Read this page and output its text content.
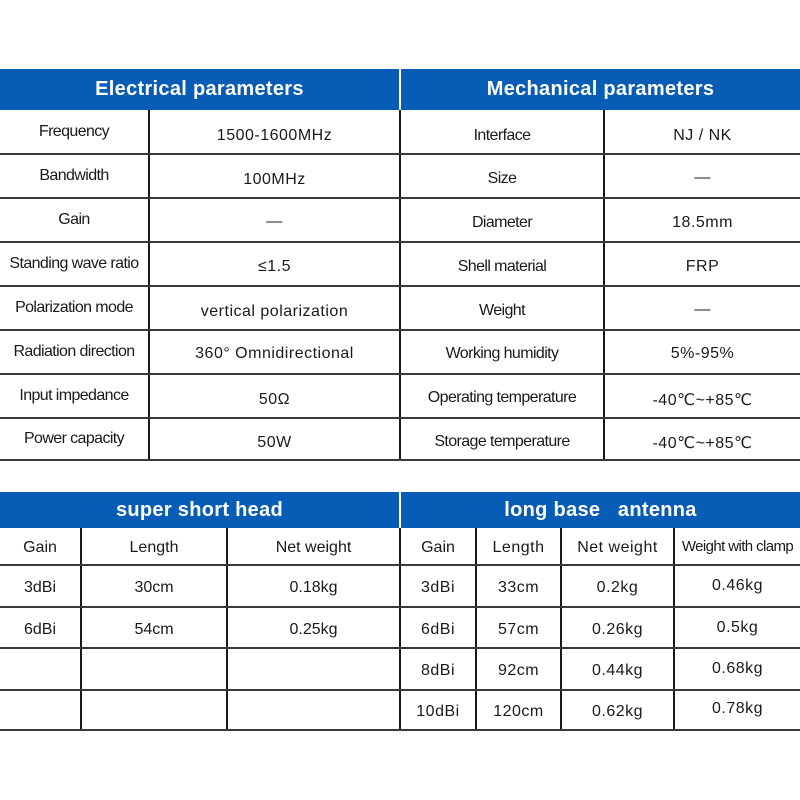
Electrical parameters	Mechanical parameters
Frequency	1500-1600MHz
Bandwidth	100MHz
Gain	—
Standing wave ratio	≤1.5
Polarization mode	vertical polarization
Radiation direction	360° Omnidirectional
Input impedance	50Ω
Power capacity	50W
Interface	NJ / NK
Size	—
Diameter	18.5mm
Shell material	FRP
Weight	—
Working humidity	5%-95%
Operating temperature	-40℃~+85℃
Storage temperature	-40℃~+85℃
super short head	long base   antenna
Gain	Length	Net weight
3dBi	30cm	0.18kg
6dBi	54cm	0.25kg
Gain	Length	Net weight	Weight with clamp
3dBi	33cm	0.2kg	0.46kg
6dBi	57cm	0.26kg	0.5kg
8dBi	92cm	0.44kg	0.68kg
10dBi	120cm	0.62kg	0.78kg
